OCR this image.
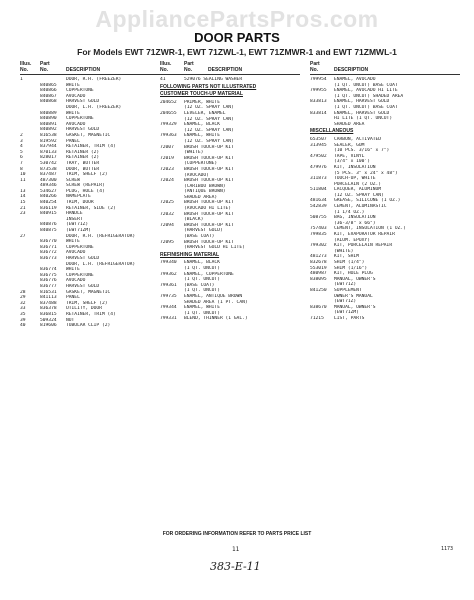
AppliancePartsPros.com
DOOR PARTS
For Models EWT 71ZWR-1, EWT 71ZWL-1, EWT 71ZMWR-1 and EWT 71ZMWL-1
Illus.
No.
Part
No.	DESCRIPTION
1	DOOR, R.H. (FREEZER)
840865	WHITE
840866	COPPERTONE
840867	AVOCADO
840868	HARVEST GOLD
DOOR, L.H. (FREEZER)
840889	WHITE
840890	COPPERTONE
840891	AVOCADO
840892	HARVEST GOLD
2	816538	GASKET, MAGNETIC
3	819592	PANEL
4	837944	RETAINER, TRIM (4)
5	870133	RETAINER (2)
6	828017	RETAINER (2)
7	530742	TRAY, BUTTER
8	873538	DOOR, BUTTER
10	837487	TRIM, SHELF (2)
11	487300	SCREW
489346	SCREW (REPAIR)
13	534627	PLUG, HOLE (4)
14	840266	NAMEPLATE
15	840254	TRIM, DOOR
21	836119	RETAINER, SIDE (2)
23	840915	HANDLE
INSERT
840876	(EWT71Z)
840875	(EWT71ZM)
27	DOOR, R.H. (REFRIGERATOR)
836770	WHITE
836771	COPPERTONE
836772	AVOCADO
836773	HARVEST GOLD
DOOR, L.H. (REFRIGERATOR)
836774	WHITE
836775	COPPERTONE
836776	AVOCADO
836777	HARVEST GOLD
28	816531	GASKET, MAGNETIC
29	841113	PANEL
32	837488	TRIM, SHELF (2)
33	836378	UTILITY, DOOR
35	836815	RETAINER, TRIM (4)
39	509324	NUT
40	819606	TUBULAR CLIP (2)
Illus.
No.
Part
No.	DESCRIPTION
41	529076 SEALING WASHER
FOLLOWING PARTS NOT ILLUSTRATED
CUSTOMER TOUCH-UP MATERIAL
204652	PRIMER, WHITE
(12 OZ. SPRAY CAN)
204655	LEVELER, ENAMEL
(12 OZ. SPRAY CAN)
799329	ENAMEL, BLACK
(12 OZ. SPRAY CAN)
799363	ENAMEL, WHITE
(12 OZ. SPRAY CAN)
72007	BRUSH TOUCH-UP KIT
(WHITE)
72019	BRUSH TOUCH-UP KIT
(COPPERTONE)
72023	BRUSH TOUCH-UP KIT
(AVOCADO)
72024	BRUSH TOUCH-UP KIT
(CARIBOU BROWN)
(ANTIQUE BROWN)
SHADED AREA)
72025	BRUSH TOUCH-UP KIT
(AVOCADO HI LITE)
72032	BRUSH TOUCH-UP KIT
(BLACK)
72094	BRUSH TOUCH-UP KIT
(HARVEST GOLD)
(BASE COAT)
72095	BRUSH TOUCH-UP KIT
(HARVEST GOLD HI LITE)
REFINISHING MATERIAL
799340	ENAMEL, BLACK
(1 QT. UNCUT)
799362	ENAMEL, COPPERTONE
(1 QT. UNCUT)
799361	(BASE COAT)
(1 QT. UNCUT)
799735	ENAMEL, ANTIQUE BROWN
SHADED AREA (1 PT. CAN)
799344	ENAMEL, WHITE
(1 QT. UNCUT)
799331	BLEND, THINNER (1 GAL.)
Part
No.	DESCRIPTION
799954	ENAMEL, AVOCADO
(1 QT. UNCUT) BASE COAT
799955	ENAMEL, AVOCADO HI LITE
(1 QT. UNCUT) SHADED AREA
833813	ENAMEL, HARVEST GOLD
(1 QT. UNCUT) BASE COAT
833814	ENAMEL, HARVEST GOLD
HI LITE (1 QT. UNCUT)
SHADED AREA
MISCELLANEOUS
653507	CARBON, ACTIVATED
313945	SEALER, GUM
(10 PCS. 3/16" x 7")
479502	TAPE, VINYL
(3/4" x 100')
479976	KIT, INSULATION
(5 PCS. 3" x 24" x 48")
311873	TOUCH-UP, WHITE
PORCELAIN (2 OZ.)
511804	LACQUER, ALUMINUM
(12 OZ. SPRAY CAN)
481634	GREASE, SILICONE (1 OZ.)
542839	CEMENT, ALUMINASTIC
(1 1/4 OZ.)
508755	BAG, INSULATION
(36-3/8" x 66")
757403	CEMENT, INSULATION (1 OZ.)
799835	KIT, EVAPORATOR REPAIR
(ALUM. EPOXY)
799302	KIT, PORCELAIN REPAIR
(WHITE)
481273	KIT, SHIM
832678	SHIM (1/4")
553019	SHIM (1/16")
480987	KIT, HOLE PLUG
838095	MANUAL, OWNER'S
(EWT71Z)
841250	SUPPLEMENT
OWNER'S MANUAL
(EWT71Z)
838670	MANUAL, OWNER'S
(EWT71ZM)
71215	LIST, PARTS
FOR ORDERING INFORMATION REFER TO PARTS PRICE LIST
11	1173
383-E-11
